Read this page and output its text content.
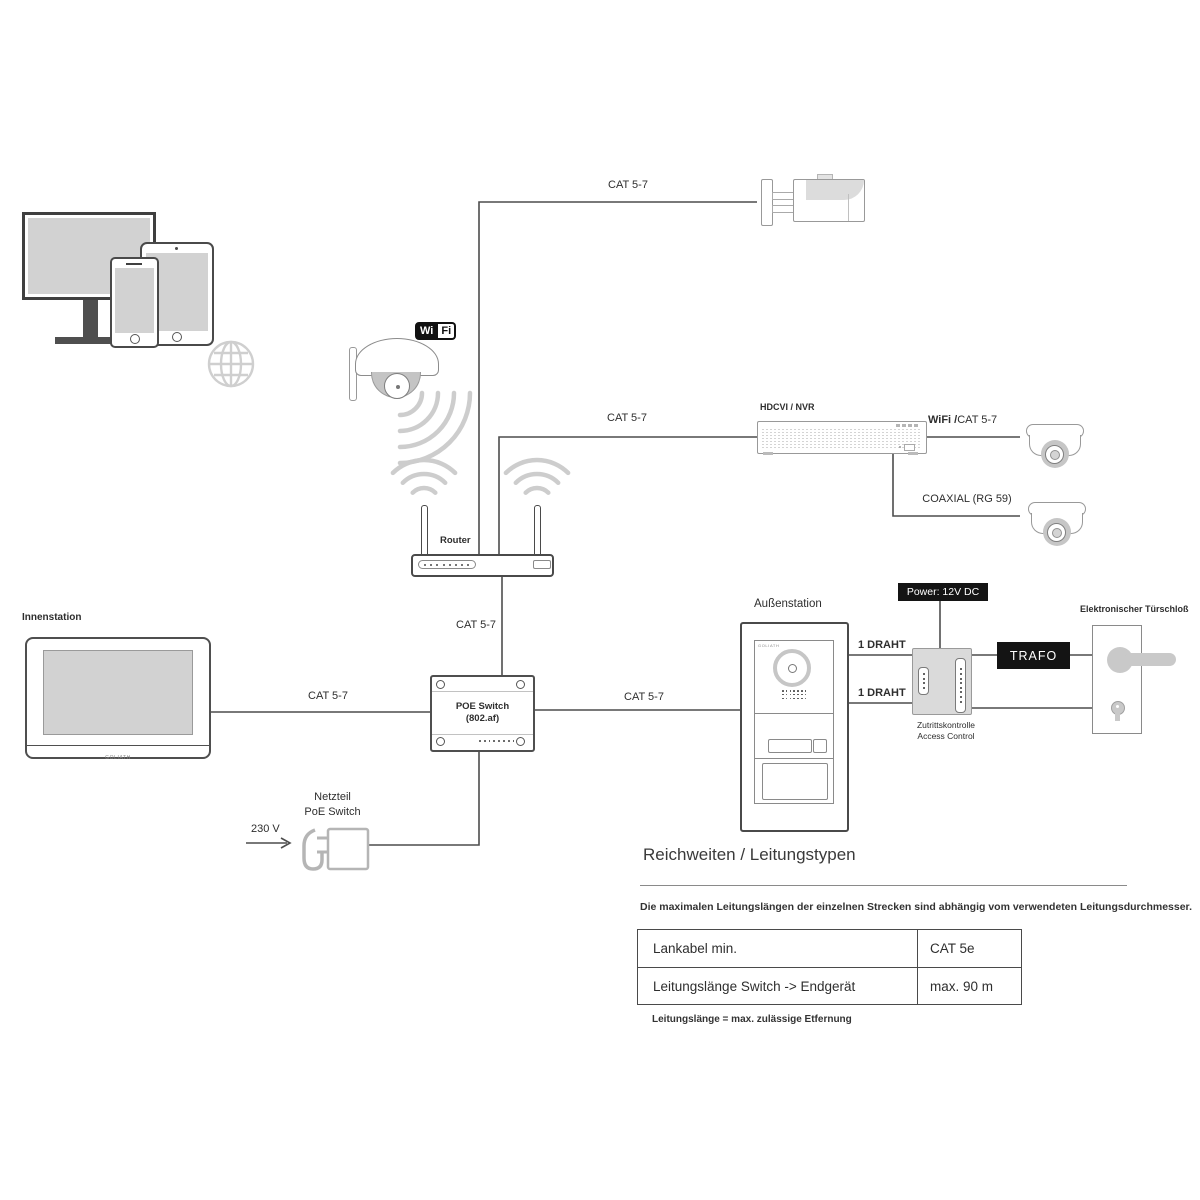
Wi Fi
CAT 5-7
CAT 5-7
CAT 5-7
CAT 5-7	CAT 5-7
WiFi /CAT 5-7
COAXIAL (RG 59)
Router
HDCVI / NVR
Innenstation
GOLIATH
POE Switch
(802.af)
Netzteil
PoE Switch
230 V
Außenstation
GOLIATH	1 DRAHT
1 DRAHT
Power: 12V DC
Zutrittskontrolle
Access Control
TRAFO
Elektronischer Türschloß
Reichweiten / Leitungstypen
Die maximalen Leitungslängen der einzelnen Strecken sind abhängig vom verwendeten Leitungsdurchmesser.
Lankabel min.	CAT 5e
Leitungslänge Switch -> Endgerät	max. 90 m
Leitungslänge = max. zulässige Etfernung
